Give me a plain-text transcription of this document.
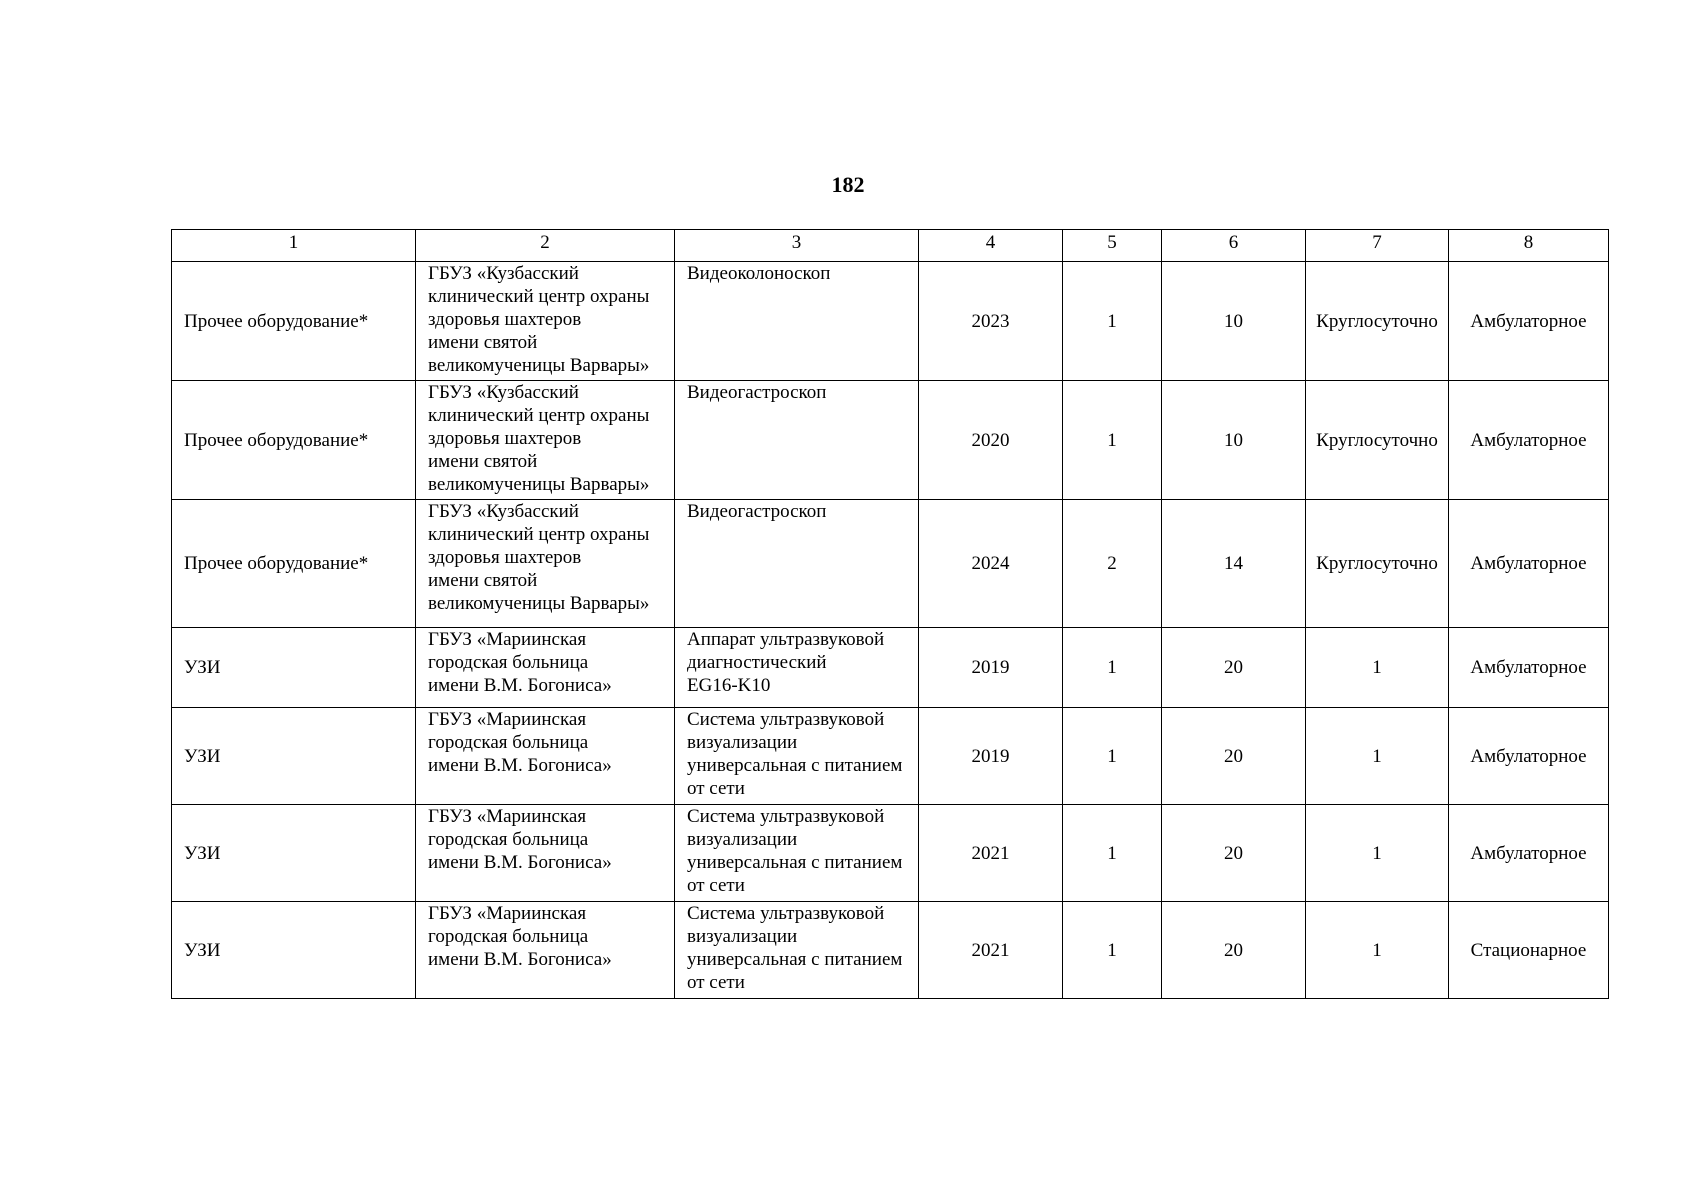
182
1	2	3	4	5	6	7	8
Прочее оборудование*	ГБУЗ «Кузбасский
клинический центр охраны
здоровья шахтеров
имени святой
великомученицы Варвары»	Видеоколоноскоп	2023	1	10	Круглосуточно	Амбулаторное
Прочее оборудование*	ГБУЗ «Кузбасский
клинический центр охраны
здоровья шахтеров
имени святой
великомученицы Варвары»	Видеогастроскоп	2020	1	10	Круглосуточно	Амбулаторное
Прочее оборудование*	ГБУЗ «Кузбасский
клинический центр охраны
здоровья шахтеров
имени святой
великомученицы Варвары»	Видеогастроскоп	2024	2	14	Круглосуточно	Амбулаторное
УЗИ	ГБУЗ «Мариинская
городская больница
имени В.М. Богониса»	Аппарат ультразвуковой
диагностический
EG16-K10	2019	1	20	1	Амбулаторное
УЗИ	ГБУЗ «Мариинская
городская больница
имени В.М. Богониса»	Система ультразвуковой
визуализации
универсальная с питанием
от сети	2019	1	20	1	Амбулаторное
УЗИ	ГБУЗ «Мариинская
городская больница
имени В.М. Богониса»	Система ультразвуковой
визуализации
универсальная с питанием
от сети	2021	1	20	1	Амбулаторное
УЗИ	ГБУЗ «Мариинская
городская больница
имени В.М. Богониса»	Система ультразвуковой
визуализации
универсальная с питанием
от сети	2021	1	20	1	Стационарное
